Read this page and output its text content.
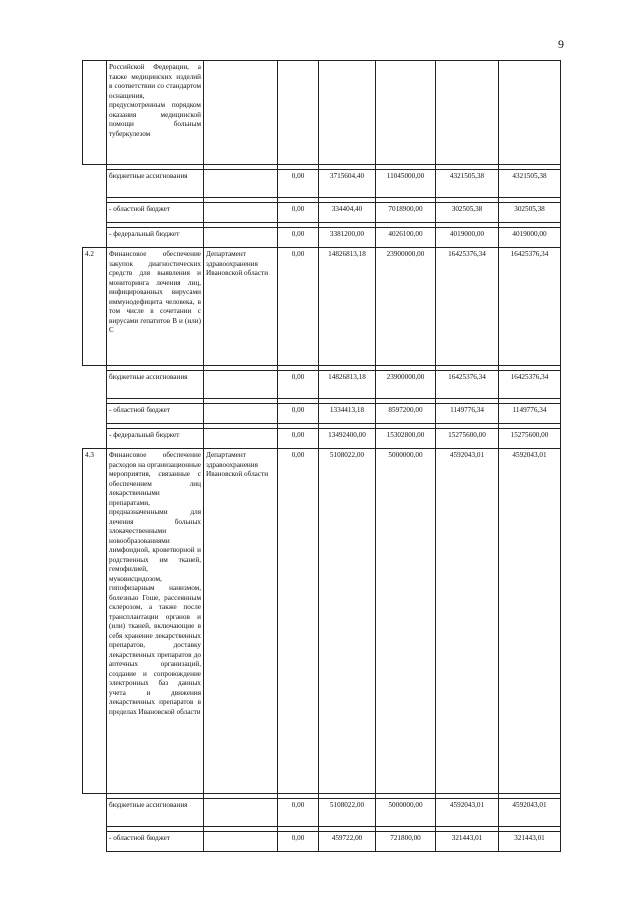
9
	Российской Федерации, а также медицинских изделий в соответствии со стандартом оснащения, предусмотренным порядком оказания медицинской помощи больным туберкулезом						

	бюджетные ассигнования		0,00	3715604,40	11045000,00	4321505,38	4321505,38

	- областной бюджет		0,00	334404,40	7018900,00	302505,38	302505,38

	- федеральный бюджет		0,00	3381200,00	4026100,00	4019000,00	4019000,00
4.2	Финансовое обеспечение закупок диагностических средств для выявления и мониторинга лечения лиц, инфицированных вирусами иммунодефицита человека, в том числе в сочетании с вирусами гепатитов B и (или) C	Департамент здравоохранения Ивановской области	0,00	14826813,18	23900000,00	16425376,34	16425376,34

	бюджетные ассигнования		0,00	14826813,18	23900000,00	16425376,34	16425376,34

	- областной бюджет		0,00	1334413,18	8597200,00	1149776,34	1149776,34

	- федеральный бюджет		0,00	13492400,00	15302800,00	15275600,00	15275600,00
4.3	Финансовое обеспечение расходов на организационные мероприятия, связанные с обеспечением лиц лекарственными препаратами, предназначенными для лечения больных злокачественными новообразованиями лимфоидной, кроветворной и родственных им тканей, гемофилией, муковисцидозом, гипофизарным нанизмом, болезнью Гоше, рассеянным склерозом, а также после трансплантации органов и (или) тканей, включающие в себя хранение лекарственных препаратов, доставку лекарственных препаратов до аптечных организаций, создание и сопровождение электронных баз данных учета и движения лекарственных препаратов в пределах Ивановской области	Департамент здравоохранения Ивановской области	0,00	5108022,00	5000000,00	4592043,01	4592043,01

	бюджетные ассигнования		0,00	5108022,00	5000000,00	4592043,01	4592043,01

	- областной бюджет		0,00	459722,00	721800,00	321443,01	321443,01
